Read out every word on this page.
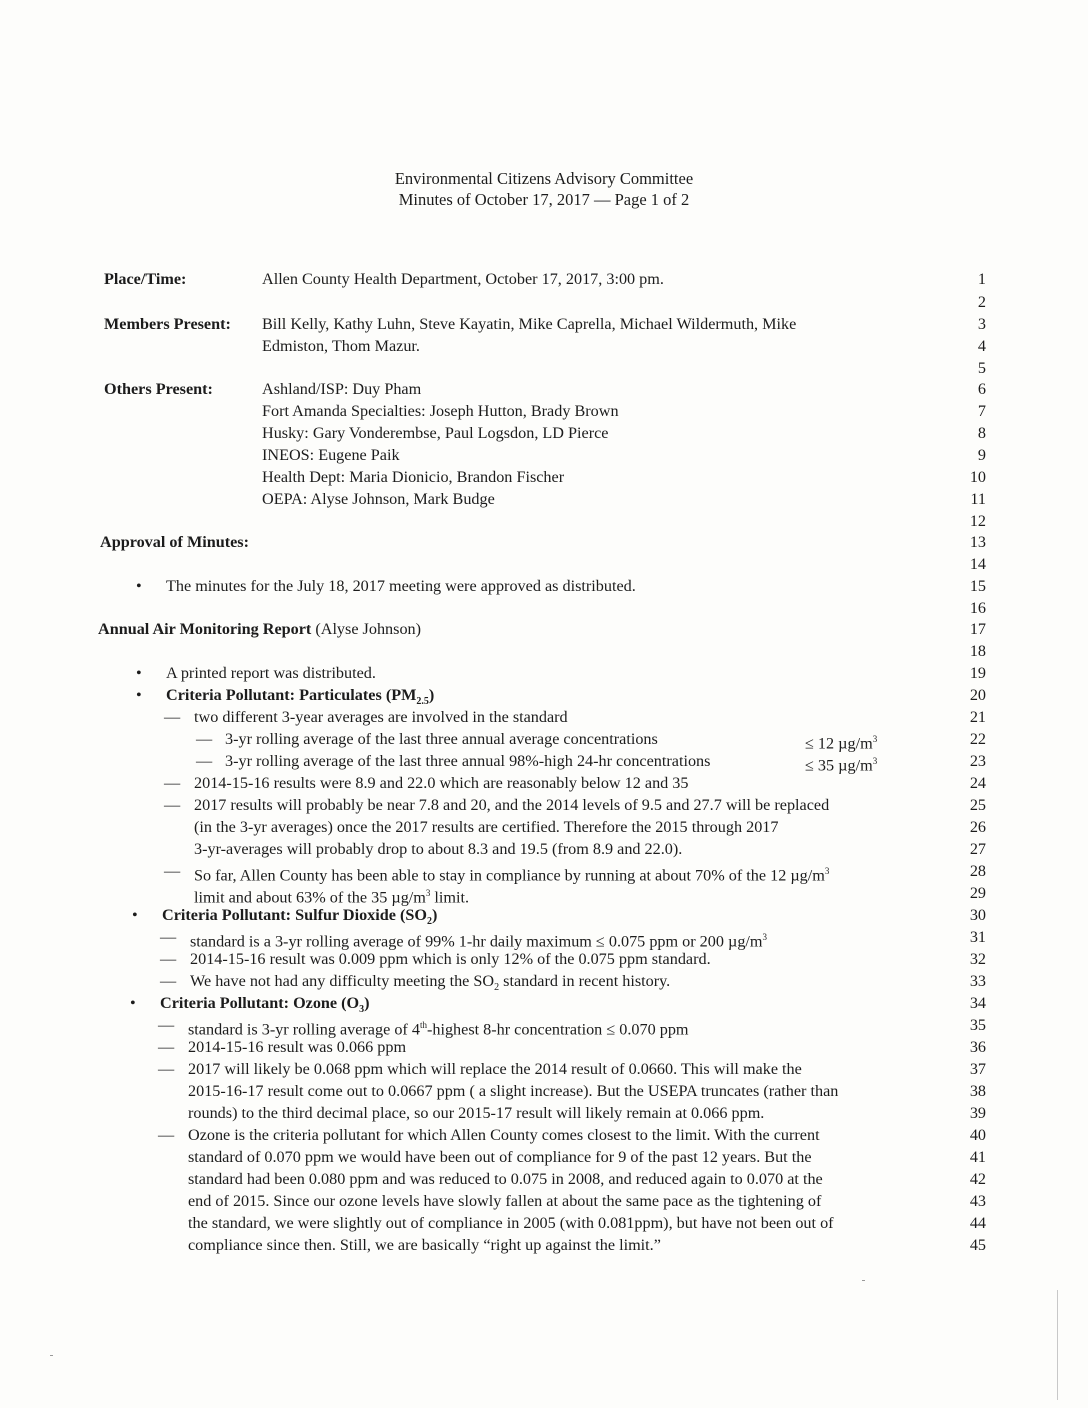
Environmental Citizens Advisory Committee
Minutes of October 17, 2017 — Page 1 of 2
Place/Time:	Allen County Health Department, October 17, 2017, 3:00 pm.	1
2
Members Present: Bill Kelly, Kathy Luhn, Steve Kayatin, Mike Caprella, Michael Wildermuth, Mike	3
Edmiston, Thom Mazur.	4
5
Others Present:	Ashland/ISP: Duy Pham	6
Fort Amanda Specialties: Joseph Hutton, Brady Brown	7
Husky: Gary Vonderembse, Paul Logsdon, LD Pierce	8
INEOS: Eugene Paik	9
Health Dept: Maria Dionicio, Brandon Fischer	10
OEPA: Alyse Johnson, Mark Budge	11
12
Approval of Minutes:	13
14
• The minutes for the July 18, 2017 meeting were approved as distributed.	15
16
Annual Air Monitoring Report (Alyse Johnson)	17
18
• A printed report was distributed.	19
• Criteria Pollutant: Particulates $(PM_{2.5})$	20
— two different 3-year averages are involved in the standard	21
— 3-yr rolling average of the last three annual average concentrations	≤ 12 $\mu g/m^3$	22
— 3-yr rolling average of the last three annual 98%-high 24-hr concentrations	≤ 35 $\mu g/m^3$	23
— 2014-15-16 results were 8.9 and 22.0 which are reasonably below 12 and 35	24
— 2017 results will probably be near 7.8 and 20, and the 2014 levels of 9.5 and 27.7 will be replaced	25
(in the 3-yr averages) once the 2017 results are certified. Therefore the 2015 through 2017	26
3-yr-averages will probably drop to about 8.3 and 19.5 (from 8.9 and 22.0).	27
— So far, Allen County has been able to stay in compliance by running at about 70% of the 12 $\mu g/m^3$	28
limit and about 63% of the 35 $\mu g/m^3$ limit.	29
• Criteria Pollutant: Sulfur Dioxide $(SO_2)$	30
— standard is a 3-yr rolling average of 99% 1-hr daily maximum ≤ 0.075 ppm or 200 $\mu g/m^3$	31
— 2014-15-16 result was 0.009 ppm which is only 12% of the 0.075 ppm standard.	32
— We have not had any difficulty meeting the $SO_2$ standard in recent history.	33
• Criteria Pollutant: Ozone $(O_3)$	34
— standard is 3-yr rolling average of 4th-highest 8-hr concentration ≤ 0.070 ppm	35
— 2014-15-16 result was 0.066 ppm	36
— 2017 will likely be 0.068 ppm which will replace the 2014 result of 0.0660. This will make the	37
2015-16-17 result come out to 0.0667 ppm ( a slight increase). But the USEPA truncates (rather than	38
rounds) to the third decimal place, so our 2015-17 result will likely remain at 0.066 ppm.	39
— Ozone is the criteria pollutant for which Allen County comes closest to the limit. With the current	40
standard of 0.070 ppm we would have been out of compliance for 9 of the past 12 years. But the	41
standard had been 0.080 ppm and was reduced to 0.075 in 2008, and reduced again to 0.070 at the	42
end of 2015. Since our ozone levels have slowly fallen at about the same pace as the tightening of	43
the standard, we were slightly out of compliance in 2005 (with 0.081ppm), but have not been out of	44
compliance since then. Still, we are basically “right up against the limit.”	45
